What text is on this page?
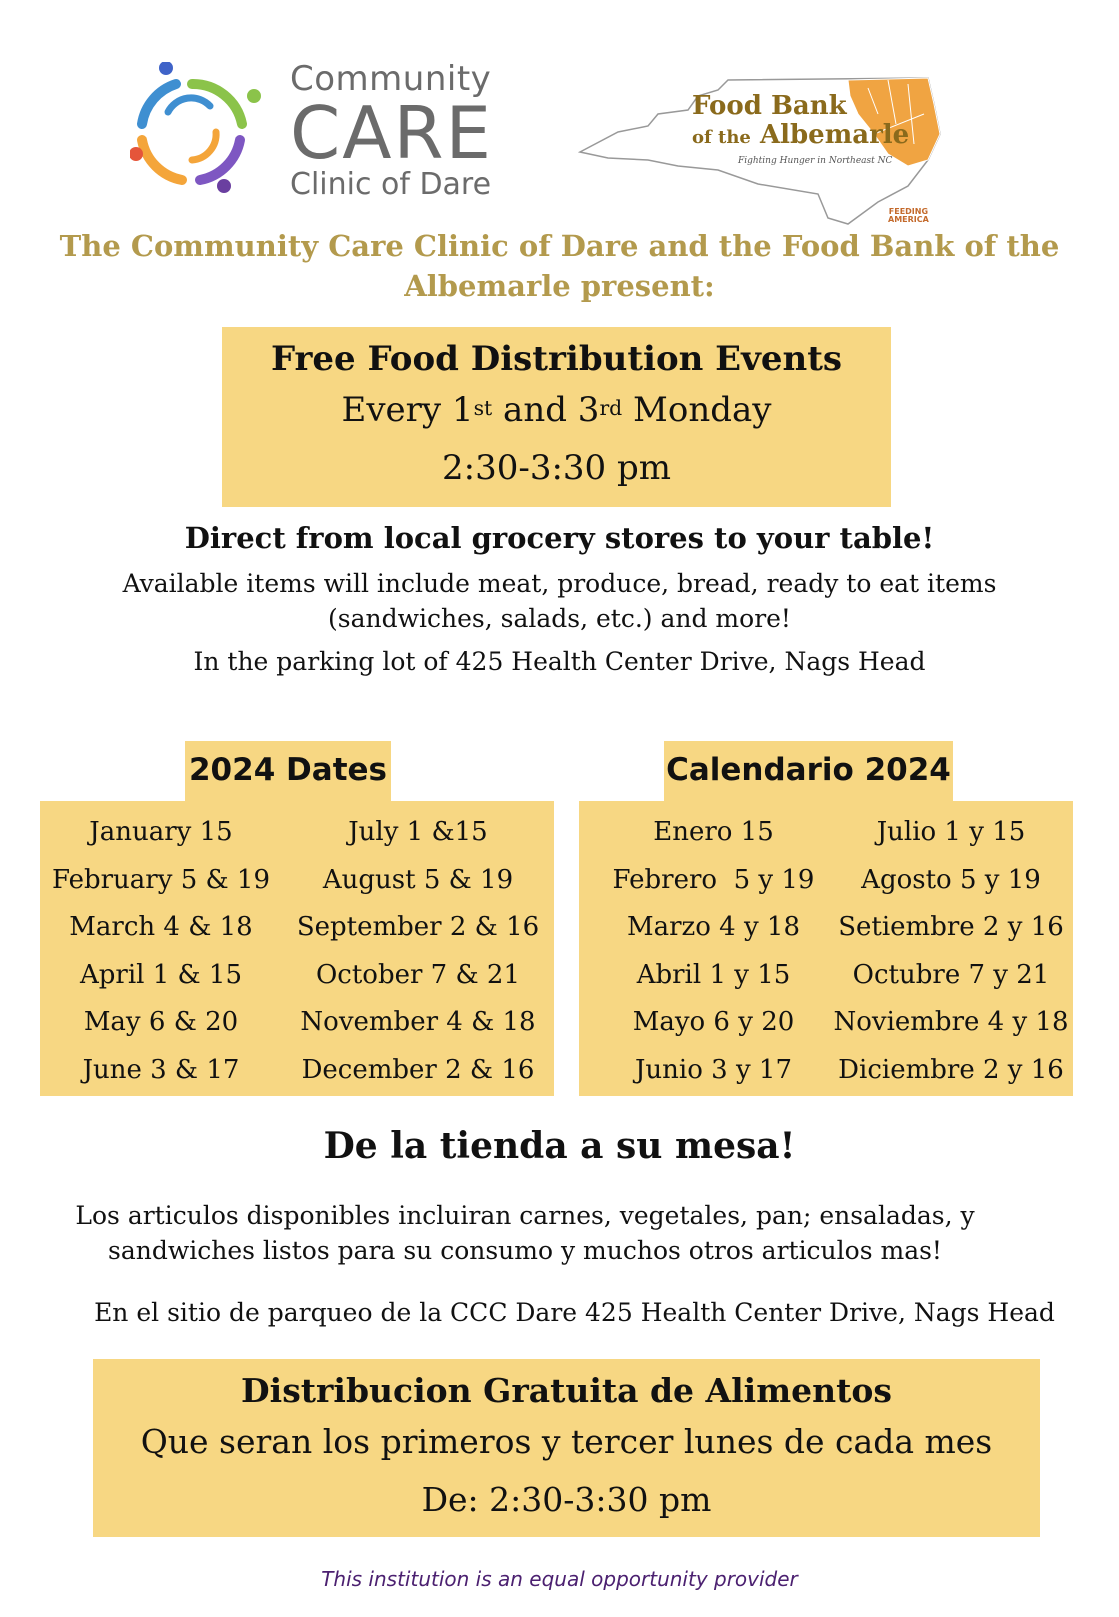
Community
CARE
Clinic of Dare
Food Bank
of the Albemarle
Fighting Hunger in Northeast NC
FEEDING
AMERICA
The Community Care Clinic of Dare and the Food Bank of the
Albemarle present:
Free Food Distribution Events
Every 1st and 3rd Monday
2:30-3:30 pm
Direct from local grocery stores to your table!
Available items will include meat, produce, bread, ready to eat items
(sandwiches, salads, etc.) and more!
In the parking lot of 425 Health Center Drive, Nags Head
2024 Dates
January 15
February 5 & 19
March 4 & 18
April 1 & 15
May 6 & 20
June 3 & 17
July 1 &15
August 5 & 19
September 2 & 16
October 7 & 21
November 4 & 18
December 2 & 16
Calendario 2024
Enero 15
Febrero  5 y 19
Marzo 4 y 18
Abril 1 y 15
Mayo 6 y 20
Junio 3 y 17
Julio 1 y 15
Agosto 5 y 19
Setiembre 2 y 16
Octubre 7 y 21
Noviembre 4 y 18
Diciembre 2 y 16
De la tienda a su mesa!
Los articulos disponibles incluiran carnes, vegetales, pan; ensaladas, y
sandwiches listos para su consumo y muchos otros articulos mas!
En el sitio de parqueo de la CCC Dare 425 Health Center Drive, Nags Head
Distribucion Gratuita de Alimentos
Que seran los primeros y tercer lunes de cada mes
De: 2:30-3:30 pm
This institution is an equal opportunity provider
